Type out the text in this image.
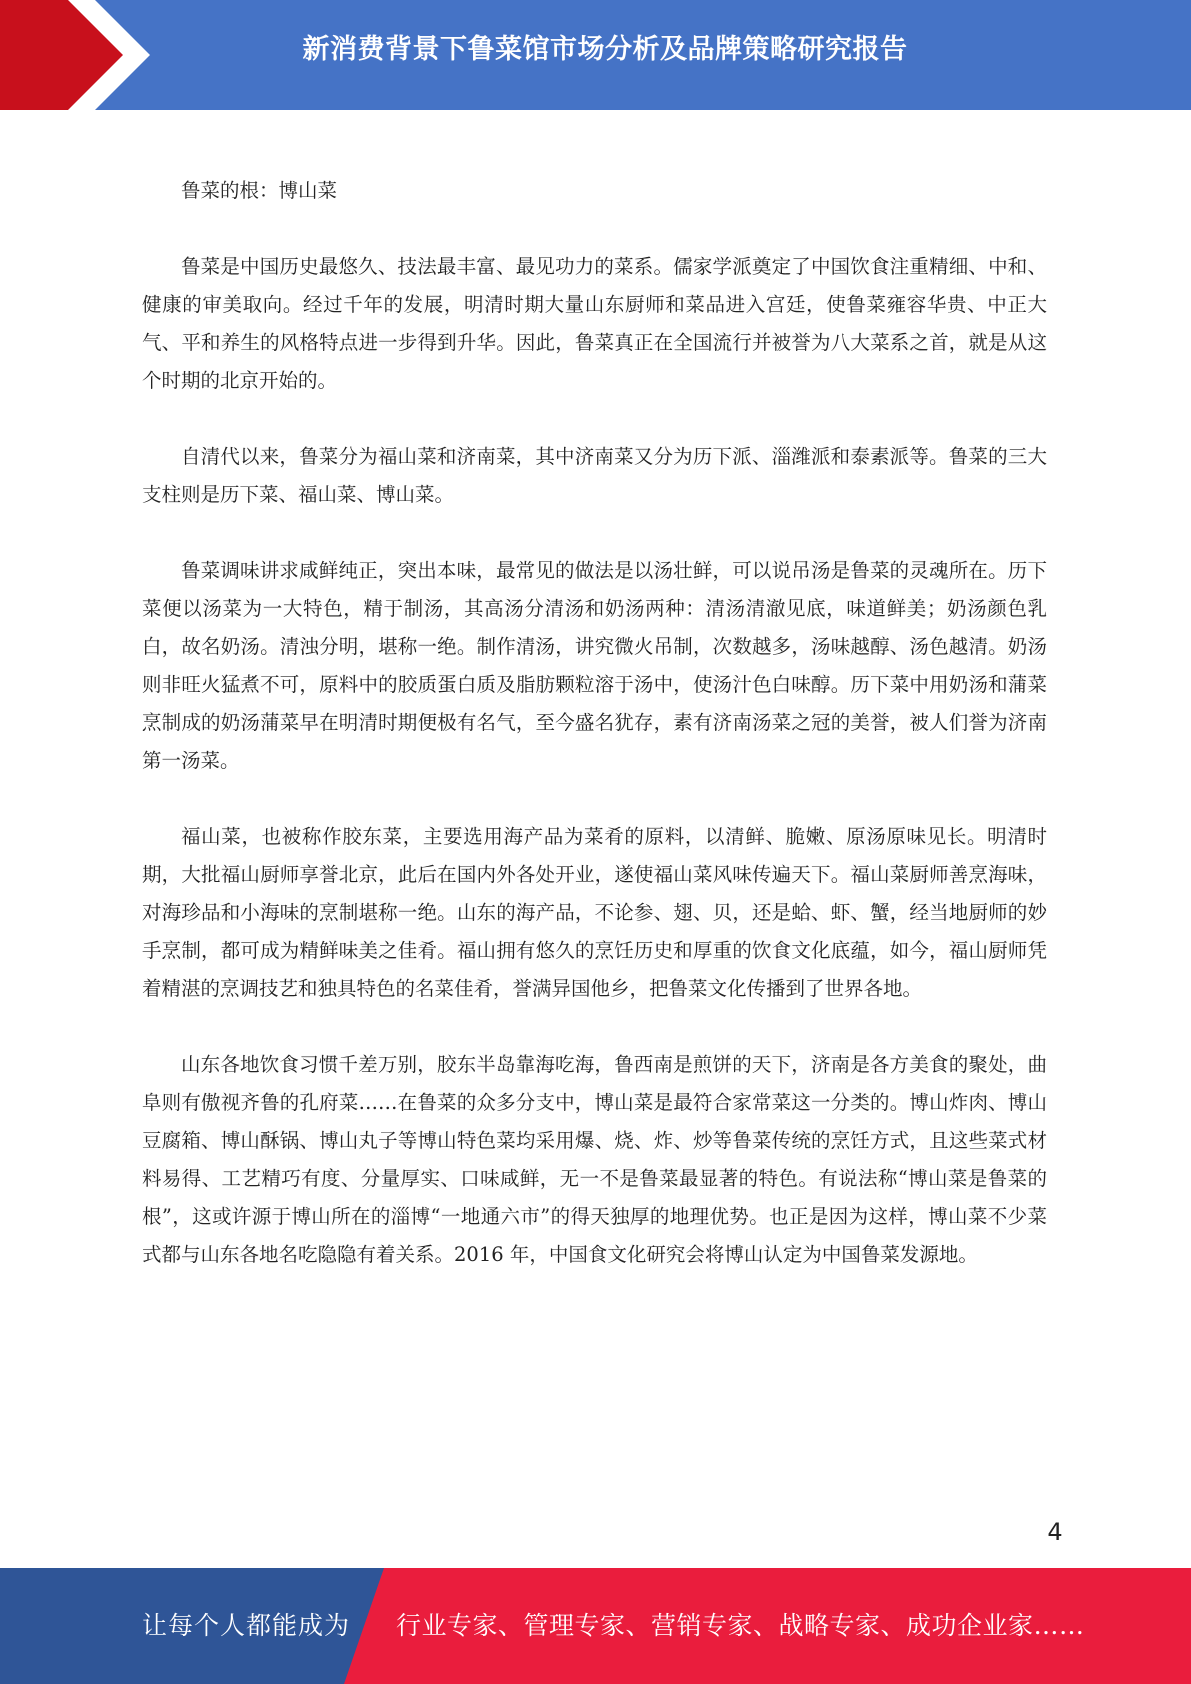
新消费背景下鲁菜馆市场分析及品牌策略研究报告

鲁菜的根：博山菜

鲁菜是中国历史最悠久、技法最丰富、最见功力的菜系。儒家学派奠定了中国饮食注重精细、中和、健康的审美取向。经过千年的发展，明清时期大量山东厨师和菜品进入宫廷，使鲁菜雍容华贵、中正大气、平和养生的风格特点进一步得到升华。因此，鲁菜真正在全国流行并被誉为八大菜系之首，就是从这个时期的北京开始的。

自清代以来，鲁菜分为福山菜和济南菜，其中济南菜又分为历下派、淄潍派和泰素派等。鲁菜的三大支柱则是历下菜、福山菜、博山菜。

鲁菜调味讲求咸鲜纯正，突出本味，最常见的做法是以汤壮鲜，可以说吊汤是鲁菜的灵魂所在。历下菜便以汤菜为一大特色，精于制汤，其高汤分清汤和奶汤两种：清汤清澈见底，味道鲜美；奶汤颜色乳白，故名奶汤。清浊分明，堪称一绝。制作清汤，讲究微火吊制，次数越多，汤味越醇、汤色越清。奶汤则非旺火猛煮不可，原料中的胶质蛋白质及脂肪颗粒溶于汤中，使汤汁色白味醇。历下菜中用奶汤和蒲菜烹制成的奶汤蒲菜早在明清时期便极有名气，至今盛名犹存，素有济南汤菜之冠的美誉，被人们誉为济南第一汤菜。

福山菜，也被称作胶东菜，主要选用海产品为菜肴的原料，以清鲜、脆嫩、原汤原味见长。明清时期，大批福山厨师享誉北京，此后在国内外各处开业，遂使福山菜风味传遍天下。福山菜厨师善烹海味，对海珍品和小海味的烹制堪称一绝。山东的海产品，不论参、翅、贝，还是蛤、虾、蟹，经当地厨师的妙手烹制，都可成为精鲜味美之佳肴。福山拥有悠久的烹饪历史和厚重的饮食文化底蕴，如今，福山厨师凭着精湛的烹调技艺和独具特色的名菜佳肴，誉满异国他乡，把鲁菜文化传播到了世界各地。

山东各地饮食习惯千差万别，胶东半岛靠海吃海，鲁西南是煎饼的天下，济南是各方美食的聚处，曲阜则有傲视齐鲁的孔府菜……在鲁菜的众多分支中，博山菜是最符合家常菜这一分类的。博山炸肉、博山豆腐箱、博山酥锅、博山丸子等博山特色菜均采用爆、烧、炸、炒等鲁菜传统的烹饪方式，且这些菜式材料易得、工艺精巧有度、分量厚实、口味咸鲜，无一不是鲁菜最显著的特色。有说法称“博山菜是鲁菜的根”，这或许源于博山所在的淄博“一地通六市”的得天独厚的地理优势。也正是因为这样，博山菜不少菜式都与山东各地名吃隐隐有着关系。2016 年，中国食文化研究会将博山认定为中国鲁菜发源地。

4
让每个人都能成为 行业专家、管理专家、营销专家、战略专家、成功企业家……
